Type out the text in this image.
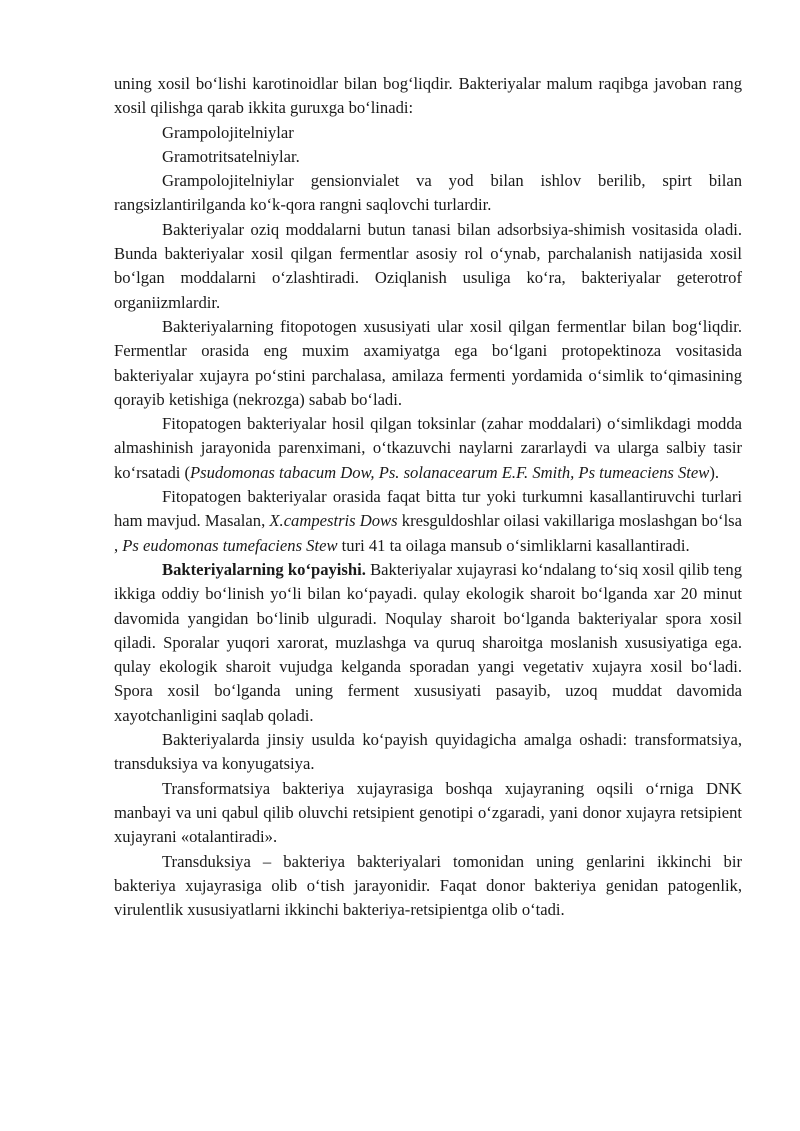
uning xosil boʻlishi karotinoidlar bilan bogʻliqdir. Bakteriyalar malum raqibga javoban rang xosil qilishga qarab ikkita guruxga boʻlinadi:

Grampolojitelniylar

Gramotritsatelniylar.

Grampolojitelniylar gensionvialet va yod bilan ishlov berilib, spirt bilan rangsizlantirilganda koʻk-qora rangni saqlovchi turlardir.

Bakteriyalar oziq moddalarni butun tanasi bilan adsorbsiya-shimish vositasida oladi. Bunda bakteriyalar xosil qilgan fermentlar asosiy rol oʻynab, parchalanish natijasida xosil boʻlgan moddalarni oʻzlashtiradi. Oziqlanish usuliga koʻra, bakteriyalar geterotrof organiizmlardir.

Bakteriyalarning fitopotogen xususiyati ular xosil qilgan fermentlar bilan bogʻliqdir. Fermentlar orasida eng muxim axamiyatga ega boʻlgani protopektinoza vositasida bakteriyalar xujayra poʻstini parchalasa, amilaza fermenti yordamida oʻsimlik toʻqimasining qorayib ketishiga (nekrozga) sabab boʻladi.

Fitopatogen bakteriyalar hosil qilgan toksinlar (zahar moddalari) oʻsimlikdagi modda almashinish jarayonida parenximani, oʻtkazuvchi naylarni zararlaydi va ularga salbiy tasir koʻrsatadi (Psudomonas tabacum Dow, Ps. solanacearum E.F. Smith, Ps tumeaciens Stew).

Fitopatogen bakteriyalar orasida faqat bitta tur yoki turkumni kasallantiruvchi turlari ham mavjud. Masalan, X.campestris Dows kresguldoshlar oilasi vakillariga moslashgan boʻlsa , Ps eudomonas tumefaciens Stew turi 41 ta oilaga mansub oʻsimliklarni kasallantiradi.

Bakteriyalarning koʻpayishi. Bakteriyalar xujayrasi koʻndalang toʻsiq xosil qilib teng ikkiga oddiy boʻlinish yoʻli bilan koʻpayadi. qulay ekologik sharoit boʻlganda xar 20 minut davomida yangidan boʻlinib ulguradi. Noqulay sharoit boʻlganda bakteriyalar spora xosil qiladi. Sporalar yuqori xarorat, muzlashga va quruq sharoitga moslanish xususiyatiga ega. qulay ekologik sharoit vujudga kelganda sporadan yangi vegetativ xujayra xosil boʻladi. Spora xosil boʻlganda uning ferment xususiyati pasayib, uzoq muddat davomida xayotchanligini saqlab qoladi.

Bakteriyalarda jinsiy usulda koʻpayish quyidagicha amalga oshadi: transformatsiya, transduksiya va konyugatsiya.

Transformatsiya bakteriya xujayrasiga boshqa xujayraning oqsili oʻrniga DNK manbayi va uni qabul qilib oluvchi retsipient genotipi oʻzgaradi, yani donor xujayra retsipient xujayrani «otalantiradi».

Transduksiya – bakteriya bakteriyalari tomonidan uning genlarini ikkinchi bir bakteriya xujayrasiga olib oʻtish jarayonidir. Faqat donor bakteriya genidan patogenlik, virulentlik xususiyatlarni ikkinchi bakteriya-retsipientga olib oʻtadi.
